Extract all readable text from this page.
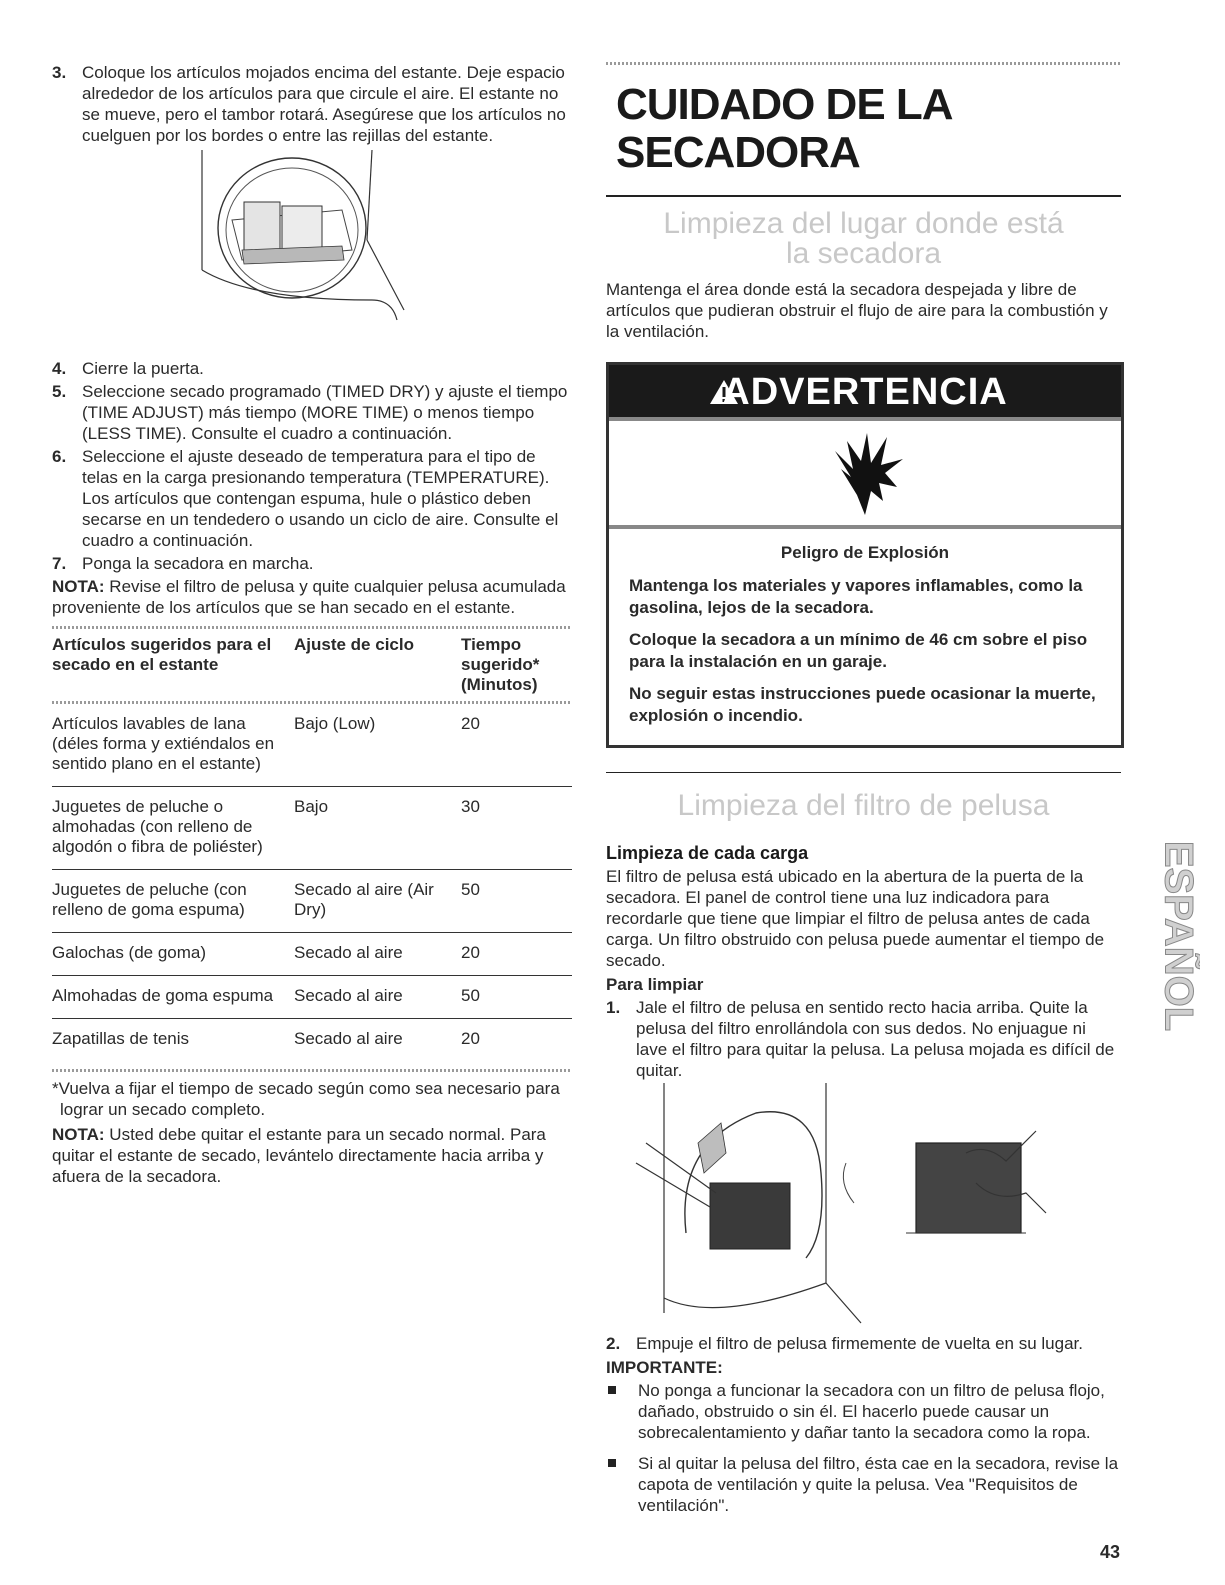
3. Coloque los artículos mojados encima del estante. Deje espacio alrededor de los artículos para que circule el aire. El estante no se mueve, pero el tambor rotará. Asegúrese que los artículos no cuelguen por los bordes o entre las rejillas del estante.
4. Cierre la puerta.
5. Seleccione secado programado (TIMED DRY) y ajuste el tiempo (TIME ADJUST) más tiempo (MORE TIME) o menos tiempo (LESS TIME). Consulte el cuadro a continuación.
6. Seleccione el ajuste deseado de temperatura para el tipo de telas en la carga presionando temperatura (TEMPERATURE). Los artículos que contengan espuma, hule o plástico deben secarse en un tendedero o usando un ciclo de aire. Consulte el cuadro a continuación.
7. Ponga la secadora en marcha.

NOTA: Revise el filtro de pelusa y quite cualquier pelusa acumulada proveniente de los artículos que se han secado en el estante.

Artículos sugeridos para el secado en el estante	Ajuste de ciclo	Tiempo sugerido* (Minutos)

Artículos lavables de lana (déles forma y extiéndalos en sentido plano en el estante)	Bajo (Low)	20
Juguetes de peluche o almohadas (con relleno de algodón o fibra de poliéster)	Bajo	30
Juguetes de peluche (con relleno de goma espuma)	Secado al aire (Air Dry)	50
Galochas (de goma)	Secado al aire	20
Almohadas de goma espuma	Secado al aire	50
Zapatillas de tenis	Secado al aire	20

*Vuelva a fijar el tiempo de secado según como sea necesario para lograr un secado completo.

NOTA: Usted debe quitar el estante para un secado normal. Para quitar el estante de secado, levántelo directamente hacia arriba y afuera de la secadora.

CUIDADO DE LA SECADORA
Limpieza del lugar donde está
la secadora

Mantenga el área donde está la secadora despejada y libre de artículos que pudieran obstruir el flujo de aire para la combustión y la ventilación.

ADVERTENCIA
Peligro de Explosión

Mantenga los materiales y vapores inflamables, como la gasolina, lejos de la secadora.

Coloque la secadora a un mínimo de 46 cm sobre el piso para la instalación en un garaje.

No seguir estas instrucciones puede ocasionar la muerte, explosión o incendio.

Limpieza del filtro de pelusa
Limpieza de cada carga

El filtro de pelusa está ubicado en la abertura de la puerta de la secadora. El panel de control tiene una luz indicadora para recordarle que tiene que limpiar el filtro de pelusa antes de cada carga. Un filtro obstruido con pelusa puede aumentar el tiempo de secado.

Para limpiar
1. Jale el filtro de pelusa en sentido recto hacia arriba. Quite la pelusa del filtro enrollándola con sus dedos. No enjuague ni lave el filtro para quitar la pelusa. La pelusa mojada es difícil de quitar.
2. Empuje el filtro de pelusa firmemente de vuelta en su lugar.
IMPORTANTE:
No ponga a funcionar la secadora con un filtro de pelusa flojo, dañado, obstruido o sin él. El hacerlo puede causar un sobrecalentamiento y dañar tanto la secadora como la ropa.
Si al quitar la pelusa del filtro, ésta cae en la secadora, revise la capota de ventilación y quite la pelusa. Vea "Requisitos de ventilación".
ESPAÑOL
43
